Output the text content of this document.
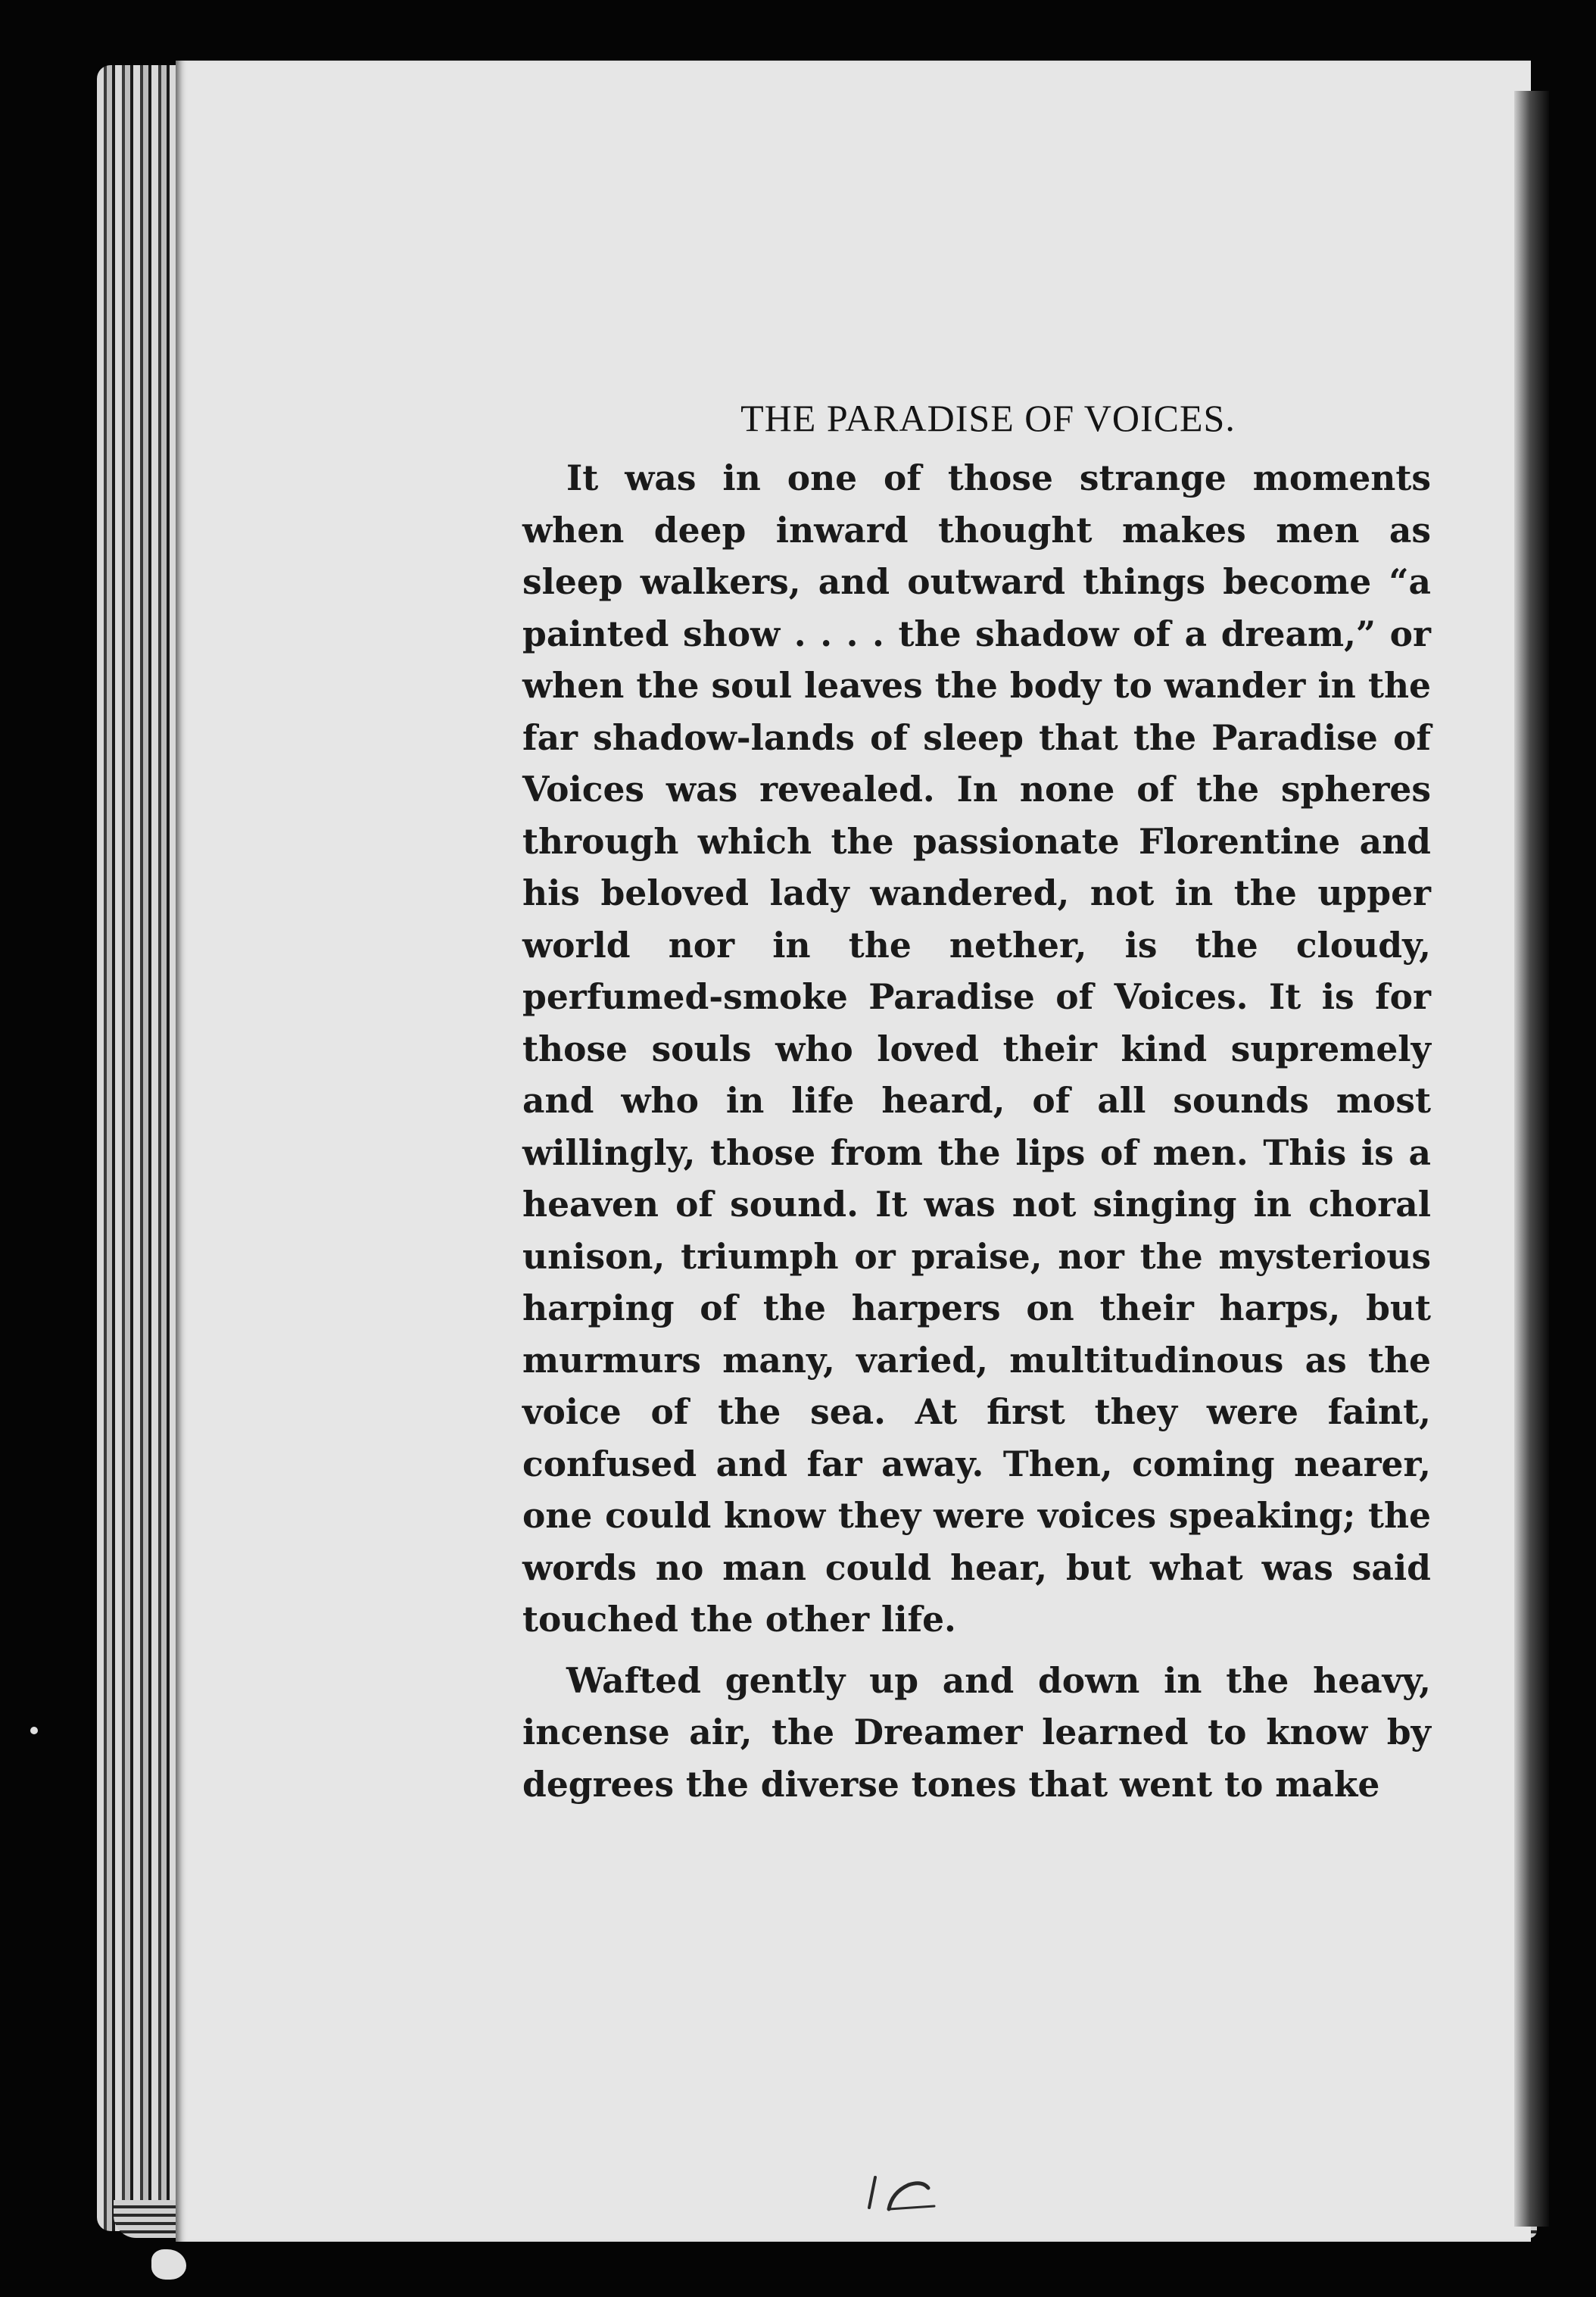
THE PARADISE OF VOICES.

It was in one of those strange moments when deep inward thought makes men as sleep walkers, and outward things become “a painted show . . . . the shadow of a dream,” or when the soul leaves the body to wander in the far shadow-lands of sleep that the Paradise of Voices was revealed. In none of the spheres through which the passionate Florentine and his beloved lady wandered, not in the upper world nor in the nether, is the cloudy, perfumed-smoke Paradise of Voices. It is for those souls who loved their kind supremely and who in life heard, of all sounds most willingly, those from the lips of men. This is a heaven of sound. It was not singing in choral unison, triumph or praise, nor the mysterious harping of the harpers on their harps, but murmurs many, varied, multitudinous as the voice of the sea. At first they were faint, confused and far away. Then, coming nearer, one could know they were voices speaking; the words no man could hear, but what was said touched the other life.

Wafted gently up and down in the heavy, incense air, the Dreamer learned to know by degrees the diverse tones that went to make
